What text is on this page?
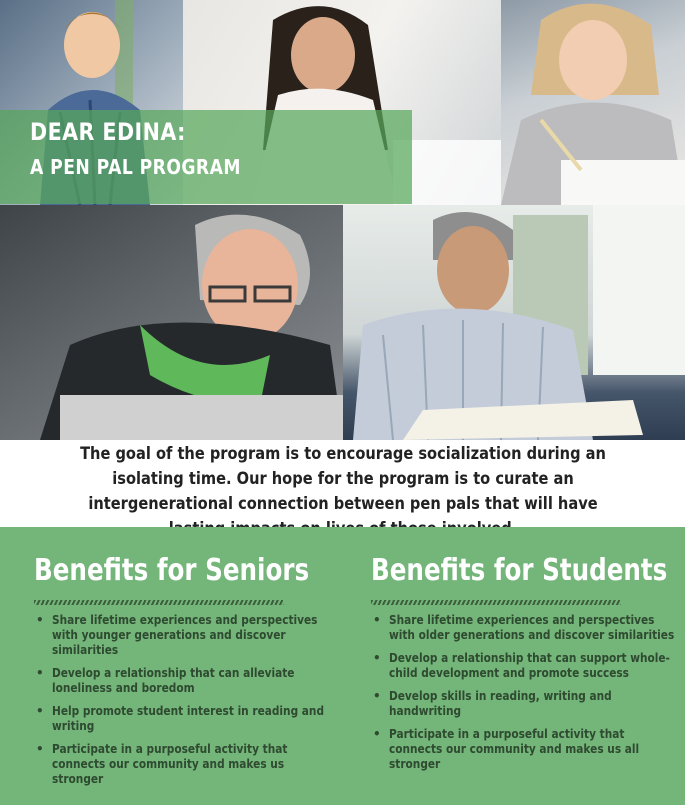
DEAR EDINA:
A PEN PAL PROGRAM
The goal of the program is to encourage socialization during an isolating time. Our hope for the program is to curate an intergenerational connection between pen pals that will have
Benefits for Seniors
• Share lifetime experiences and perspectives with younger generations and discover similarities
• Develop a relationship that can alleviate loneliness and boredom
• Help promote student interest in reading and writing
• Participate in a purposeful activity that connects our community and makes us stronger
Benefits for Students
• Share lifetime experiences and perspectives with older generations and discover similarities
• Develop a relationship that can support whole-child development and promote success
• Develop skills in reading, writing and handwriting
• Participate in a purposeful activity that connects our community and makes us all stronger
